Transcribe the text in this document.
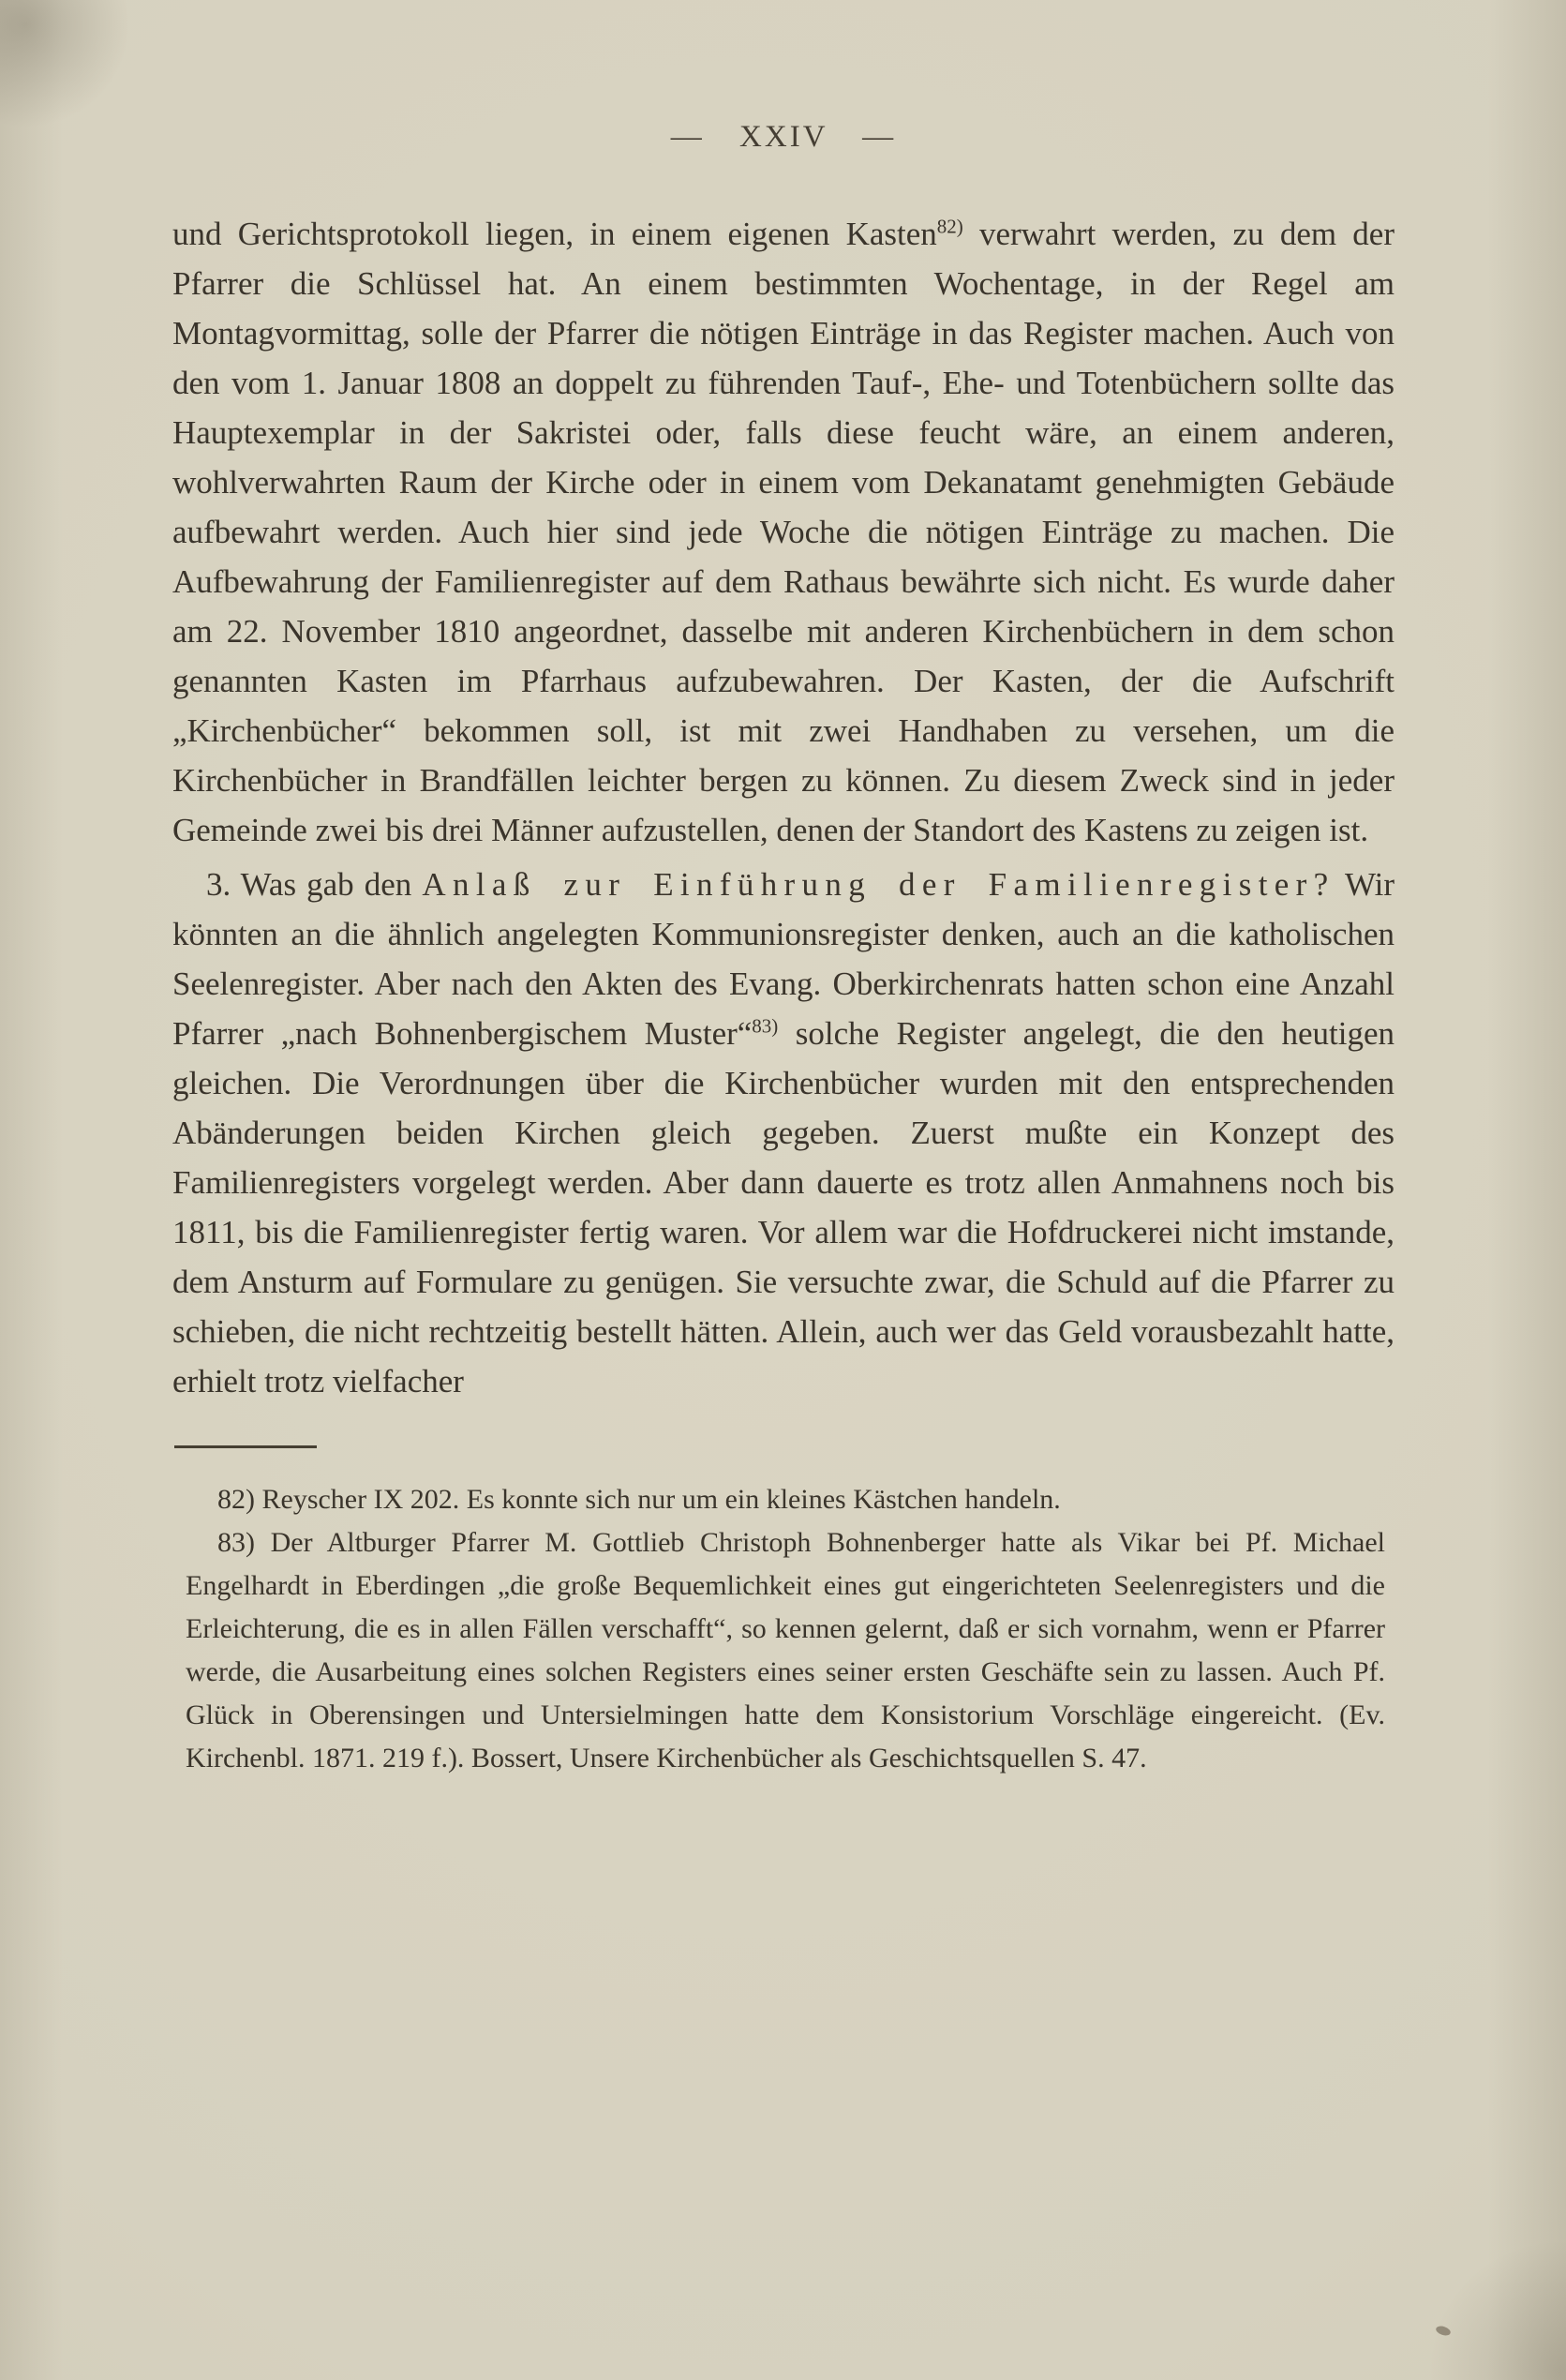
— XXIV —

und Gerichtsprotokoll liegen, in einem eigenen Kasten$^{82)}$ verwahrt werden, zu dem der Pfarrer die Schlüssel hat. An einem bestimmten Wochentage, in der Regel am Montagvormittag, solle der Pfarrer die nötigen Einträge in das Register machen. Auch von den vom 1. Januar 1808 an doppelt zu führenden Tauf-, Ehe- und Totenbüchern sollte das Hauptexemplar in der Sakristei oder, falls diese feucht wäre, an einem anderen, wohlverwahrten Raum der Kirche oder in einem vom Dekanatamt genehmigten Gebäude aufbewahrt werden. Auch hier sind jede Woche die nötigen Einträge zu machen. Die Aufbewahrung der Familienregister auf dem Rathaus bewährte sich nicht. Es wurde daher am 22. November 1810 angeordnet, dasselbe mit anderen Kirchenbüchern in dem schon genannten Kasten im Pfarrhaus aufzubewahren. Der Kasten, der die Aufschrift „Kirchenbücher“ bekommen soll, ist mit zwei Handhaben zu versehen, um die Kirchenbücher in Brandfällen leichter bergen zu können. Zu diesem Zweck sind in jeder Gemeinde zwei bis drei Männer aufzustellen, denen der Standort des Kastens zu zeigen ist.

3. Was gab den Anlaß zur Einführung der Familienregister? Wir könnten an die ähnlich angelegten Kommunionsregister denken, auch an die katholischen Seelenregister. Aber nach den Akten des Evang. Oberkirchenrats hatten schon eine Anzahl Pfarrer „nach Bohnenbergischem Muster“$^{83)}$ solche Register angelegt, die den heutigen gleichen. Die Verordnungen über die Kirchenbücher wurden mit den entsprechenden Abänderungen beiden Kirchen gleich gegeben. Zuerst mußte ein Konzept des Familienregisters vorgelegt werden. Aber dann dauerte es trotz allen Anmahnens noch bis 1811, bis die Familienregister fertig waren. Vor allem war die Hofdruckerei nicht imstande, dem Ansturm auf Formulare zu genügen. Sie versuchte zwar, die Schuld auf die Pfarrer zu schieben, die nicht rechtzeitig bestellt hätten. Allein, auch wer das Geld vorausbezahlt hatte, erhielt trotz vielfacher

82) Reyscher IX 202. Es konnte sich nur um ein kleines Kästchen handeln.

83) Der Altburger Pfarrer M. Gottlieb Christoph Bohnenberger hatte als Vikar bei Pf. Michael Engelhardt in Eberdingen „die große Bequemlichkeit eines gut eingerichteten Seelenregisters und die Erleichterung, die es in allen Fällen verschafft“, so kennen gelernt, daß er sich vornahm, wenn er Pfarrer werde, die Ausarbeitung eines solchen Registers eines seiner ersten Geschäfte sein zu lassen. Auch Pf. Glück in Oberensingen und Untersielmingen hatte dem Konsistorium Vorschläge eingereicht. (Ev. Kirchenbl. 1871. 219 f.). Bossert, Unsere Kirchenbücher als Geschichtsquellen S. 47.
